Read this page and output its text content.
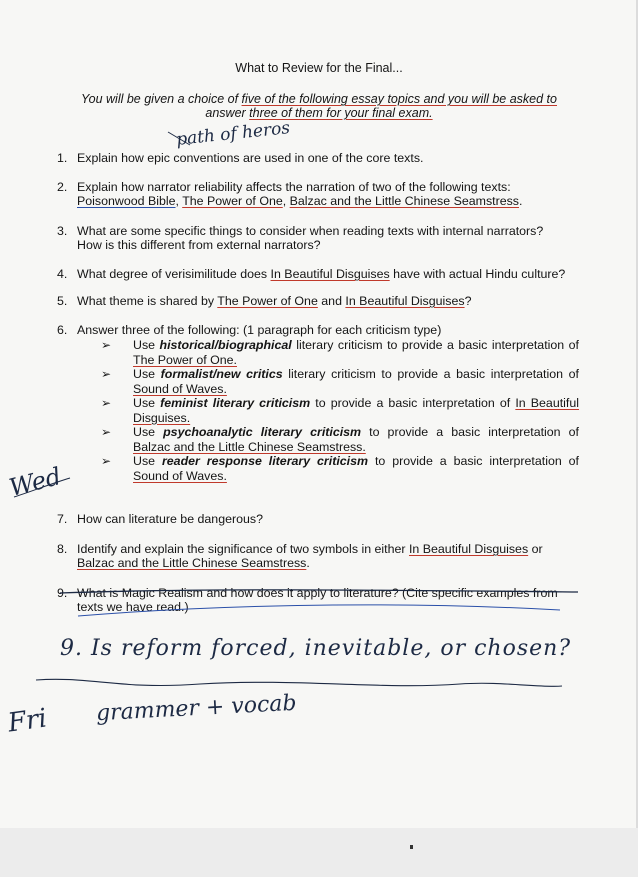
What to Review for the Final...
You will be given a choice of five of the following essay topics and you will be asked to
answer three of them for your final exam.
1. Explain how epic conventions are used in one of the core texts.
2. Explain how narrator reliability affects the narration of two of the following texts:
Poisonwood Bible, The Power of One, Balzac and the Little Chinese Seamstress.
3. What are some specific things to consider when reading texts with internal narrators?
How is this different from external narrators?
4. What degree of verisimilitude does In Beautiful Disguises have with actual Hindu culture?
5. What theme is shared by The Power of One and In Beautiful Disguises?
6. Answer three of the following: (1 paragraph for each criticism type)
➢ Use historical/biographical literary criticism to provide a basic interpretation of
The Power of One.
➢ Use formalist/new critics literary criticism to provide a basic interpretation of
Sound of Waves.
➢ Use feminist literary criticism to provide a basic interpretation of In Beautiful
Disguises.
➢ Use psychoanalytic literary criticism to provide a basic interpretation of
Balzac and the Little Chinese Seamstress.
➢ Use reader response literary criticism to provide a basic interpretation of
Sound of Waves.
7. How can literature be dangerous?
8. Identify and explain the significance of two symbols in either In Beautiful Disguises or
Balzac and the Little Chinese Seamstress.
9. What is Magic Realism and how does it apply to literature? (Cite specific examples from
texts we have read.)
path of heros
Wed
9. Is reform forced, inevitable, or chosen?
Fri grammer + vocab
